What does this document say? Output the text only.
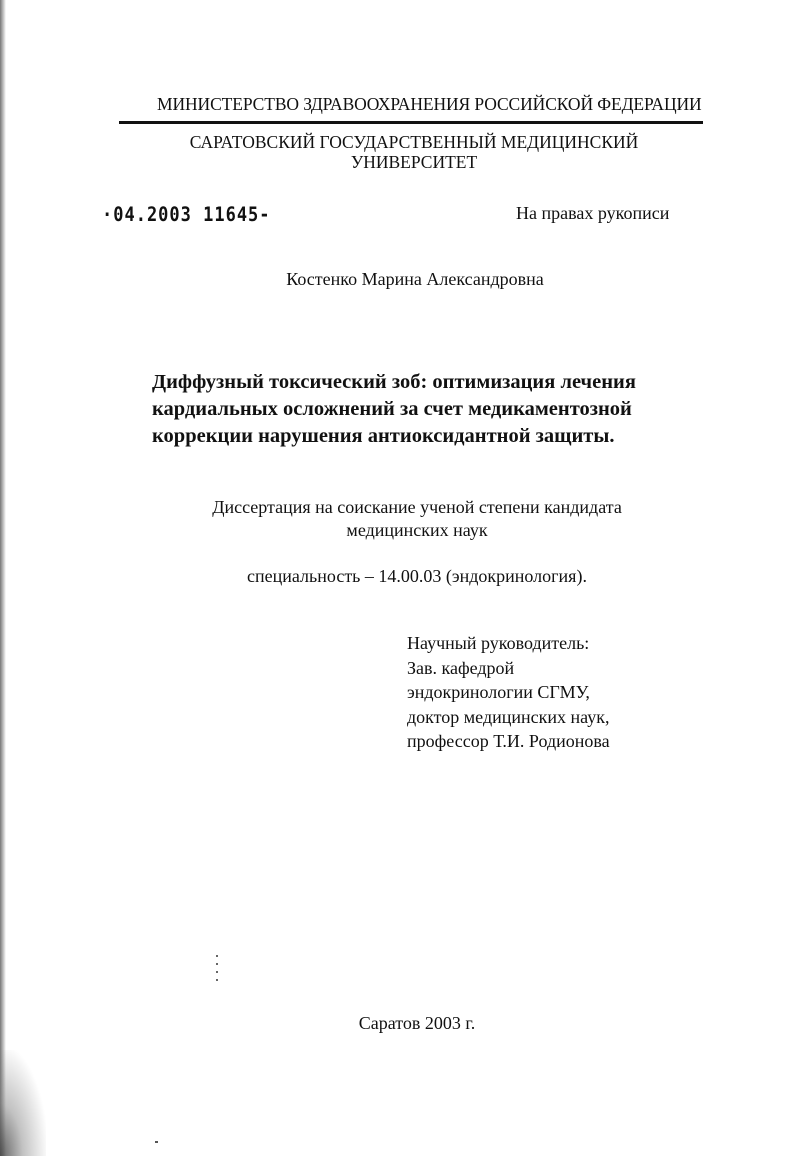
МИНИСТЕРСТВО ЗДРАВООХРАНЕНИЯ РОССИЙСКОЙ ФЕДЕРАЦИИ
САРАТОВСКИЙ ГОСУДАРСТВЕННЫЙ МЕДИЦИНСКИЙ
УНИВЕРСИТЕТ
·04.2003 11645-	На правах рукописи
Костенко Марина Александровна
Диффузный токсический зоб: оптимизация лечения
кардиальных осложнений за счет медикаментозной
коррекции нарушения антиоксидантной защиты.
Диссертация на соискание ученой степени кандидата
медицинских наук
специальность – 14.00.03 (эндокринология).
Научный руководитель:
Зав. кафедрой
эндокринологии СГМУ,
доктор медицинских наук,
профессор Т.И. Родионова
Саратов 2003 г.
